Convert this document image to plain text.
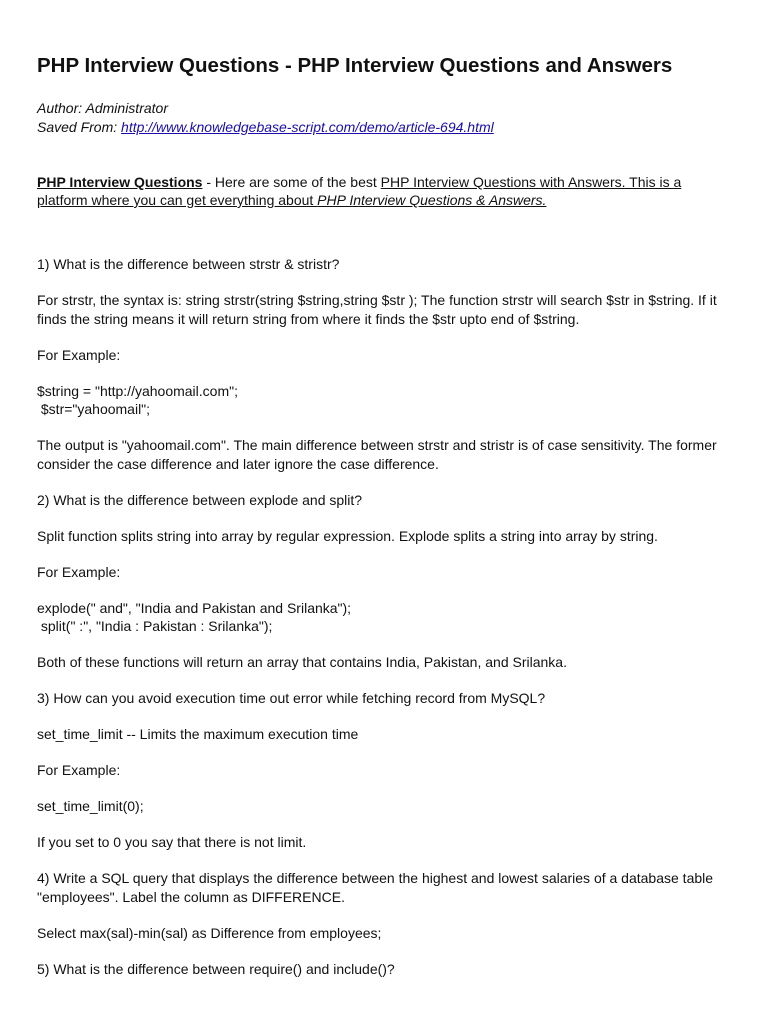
PHP Interview Questions - PHP Interview Questions and Answers
Author: Administrator
Saved From: http://www.knowledgebase-script.com/demo/article-694.html
PHP Interview Questions - Here are some of the best PHP Interview Questions with Answers. This is a platform where you can get everything about PHP Interview Questions & Answers.

1) What is the difference between strstr & stristr?

For strstr, the syntax is: string strstr(string $string,string $str ); The function strstr will search $str in $string. If it finds the string means it will return string from where it finds the $str upto end of $string.

For Example:

$string = "http://yahoomail.com";
$str="yahoomail";

The output is "yahoomail.com". The main difference between strstr and stristr is of case sensitivity. The former consider the case difference and later ignore the case difference.

2) What is the difference between explode and split?

Split function splits string into array by regular expression. Explode splits a string into array by string.

For Example:

explode(" and", "India and Pakistan and Srilanka");
split(" :", "India : Pakistan : Srilanka");

Both of these functions will return an array that contains India, Pakistan, and Srilanka.

3) How can you avoid execution time out error while fetching record from MySQL?

set_time_limit -- Limits the maximum execution time

For Example:

set_time_limit(0);

If you set to 0 you say that there is not limit.

4) Write a SQL query that displays the difference between the highest and lowest salaries of a database table "employees". Label the column as DIFFERENCE.

Select max(sal)-min(sal) as Difference from employees;

5) What is the difference between require() and include()?
